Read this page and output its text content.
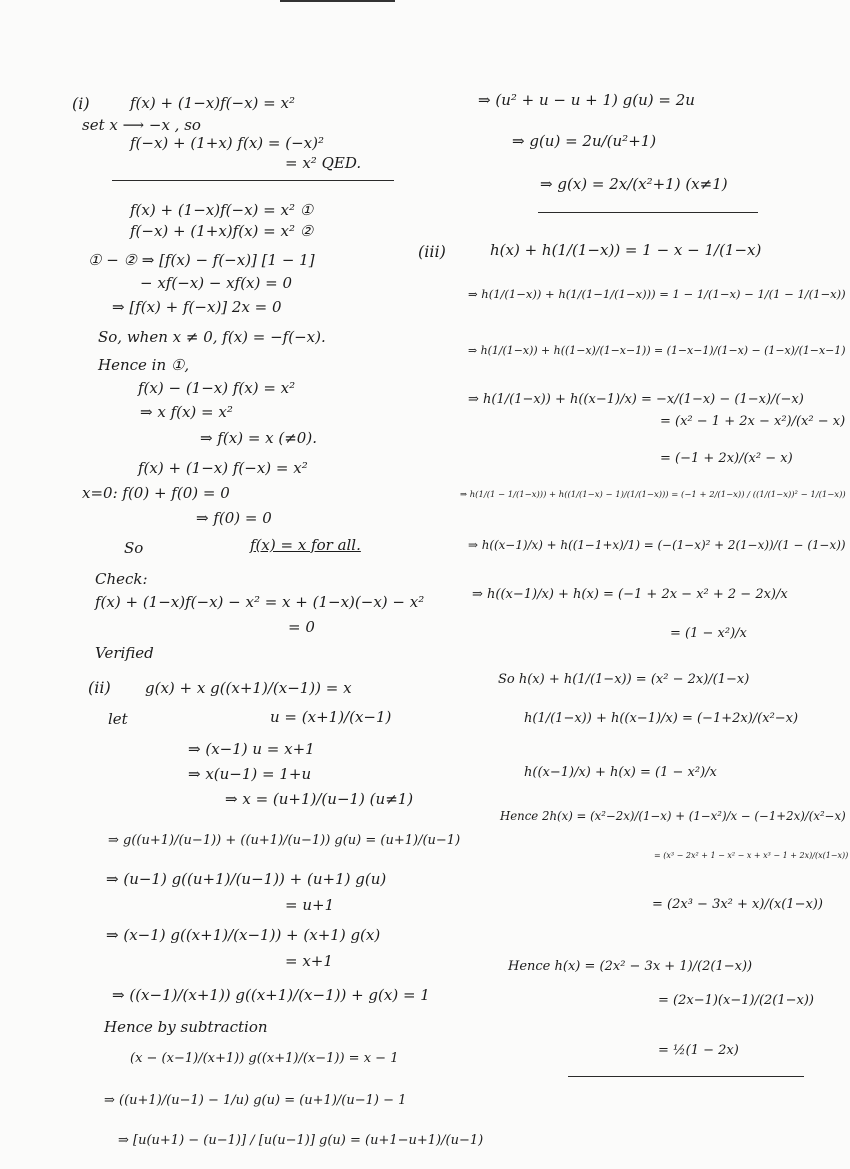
(i)	f(x) + (1−x)f(−x) = x²
set x ⟶ −x , so
f(−x) + (1+x) f(x) = (−x)²
= x² QED.
f(x) + (1−x)f(−x) = x² ①
f(−x) + (1+x)f(x) = x² ②
① − ② ⇒ [f(x) − f(−x)] [1 − 1]
− xf(−x) − xf(x) = 0
⇒ [f(x) + f(−x)] 2x = 0
So, when x ≠ 0, f(x) = −f(−x).
Hence in ①,
f(x) − (1−x) f(x) = x²
⇒ x f(x) = x²
⇒ f(x) = x (≠0).
f(x) + (1−x) f(−x) = x²
x=0: f(0) + f(0) = 0
⇒ f(0) = 0
So	f(x) = x for all.
Check:
f(x) + (1−x)f(−x) − x² = x + (1−x)(−x) − x²
= 0
Verified
(ii) g(x) + x g((x+1)/(x−1)) = x
let	u = (x+1)/(x−1)
⇒ (x−1) u = x+1
⇒ x(u−1) = 1+u
⇒ x = (u+1)/(u−1) (u≠1)
⇒ g((u+1)/(u−1)) + ((u+1)/(u−1)) g(u) = (u+1)/(u−1)
⇒ (u−1) g((u+1)/(u−1)) + (u+1) g(u)
= u+1
⇒ (x−1) g((x+1)/(x−1)) + (x+1) g(x)
= x+1
⇒ ((x−1)/(x+1)) g((x+1)/(x−1)) + g(x) = 1
Hence by subtraction
(x − (x−1)/(x+1)) g((x+1)/(x−1)) = x − 1
⇒ ((u+1)/(u−1) − 1/u) g(u) = (u+1)/(u−1) − 1
⇒ [u(u+1) − (u−1)] / [u(u−1)] g(u) = (u+1−u+1)/(u−1)
⇒ (u² + u − u + 1) g(u) = 2u
⇒ g(u) = 2u/(u²+1)
⇒ g(x) = 2x/(x²+1) (x≠1)
(iii)	h(x) + h(1/(1−x)) = 1 − x − 1/(1−x)
⇒ h(1/(1−x)) + h(1/(1−1/(1−x))) = 1 − 1/(1−x) − 1/(1 − 1/(1−x))
⇒ h(1/(1−x)) + h((1−x)/(1−x−1)) = (1−x−1)/(1−x) − (1−x)/(1−x−1)
⇒ h(1/(1−x)) + h((x−1)/x) = −x/(1−x) − (1−x)/(−x)
= (x² − 1 + 2x − x²)/(x² − x)
= (−1 + 2x)/(x² − x)
⇒ h(1/(1 − 1/(1−x))) + h((1/(1−x) − 1)/(1/(1−x))) = (−1 + 2/(1−x)) / ((1/(1−x))² − 1/(1−x))
⇒ h((x−1)/x) + h((1−1+x)/1) = (−(1−x)² + 2(1−x))/(1 − (1−x))
⇒ h((x−1)/x) + h(x) = (−1 + 2x − x² + 2 − 2x)/x
= (1 − x²)/x
So h(x) + h(1/(1−x)) = (x² − 2x)/(1−x)
h(1/(1−x)) + h((x−1)/x) = (−1+2x)/(x²−x)
h((x−1)/x) + h(x) = (1 − x²)/x
Hence 2h(x) = (x²−2x)/(1−x) + (1−x²)/x − (−1+2x)/(x²−x)
= (x³ − 2x² + 1 − x² − x + x³ − 1 + 2x)/(x(1−x))
= (2x³ − 3x² + x)/(x(1−x))
Hence h(x) = (2x² − 3x + 1)/(2(1−x))
= (2x−1)(x−1)/(2(1−x))
= ½(1 − 2x)
